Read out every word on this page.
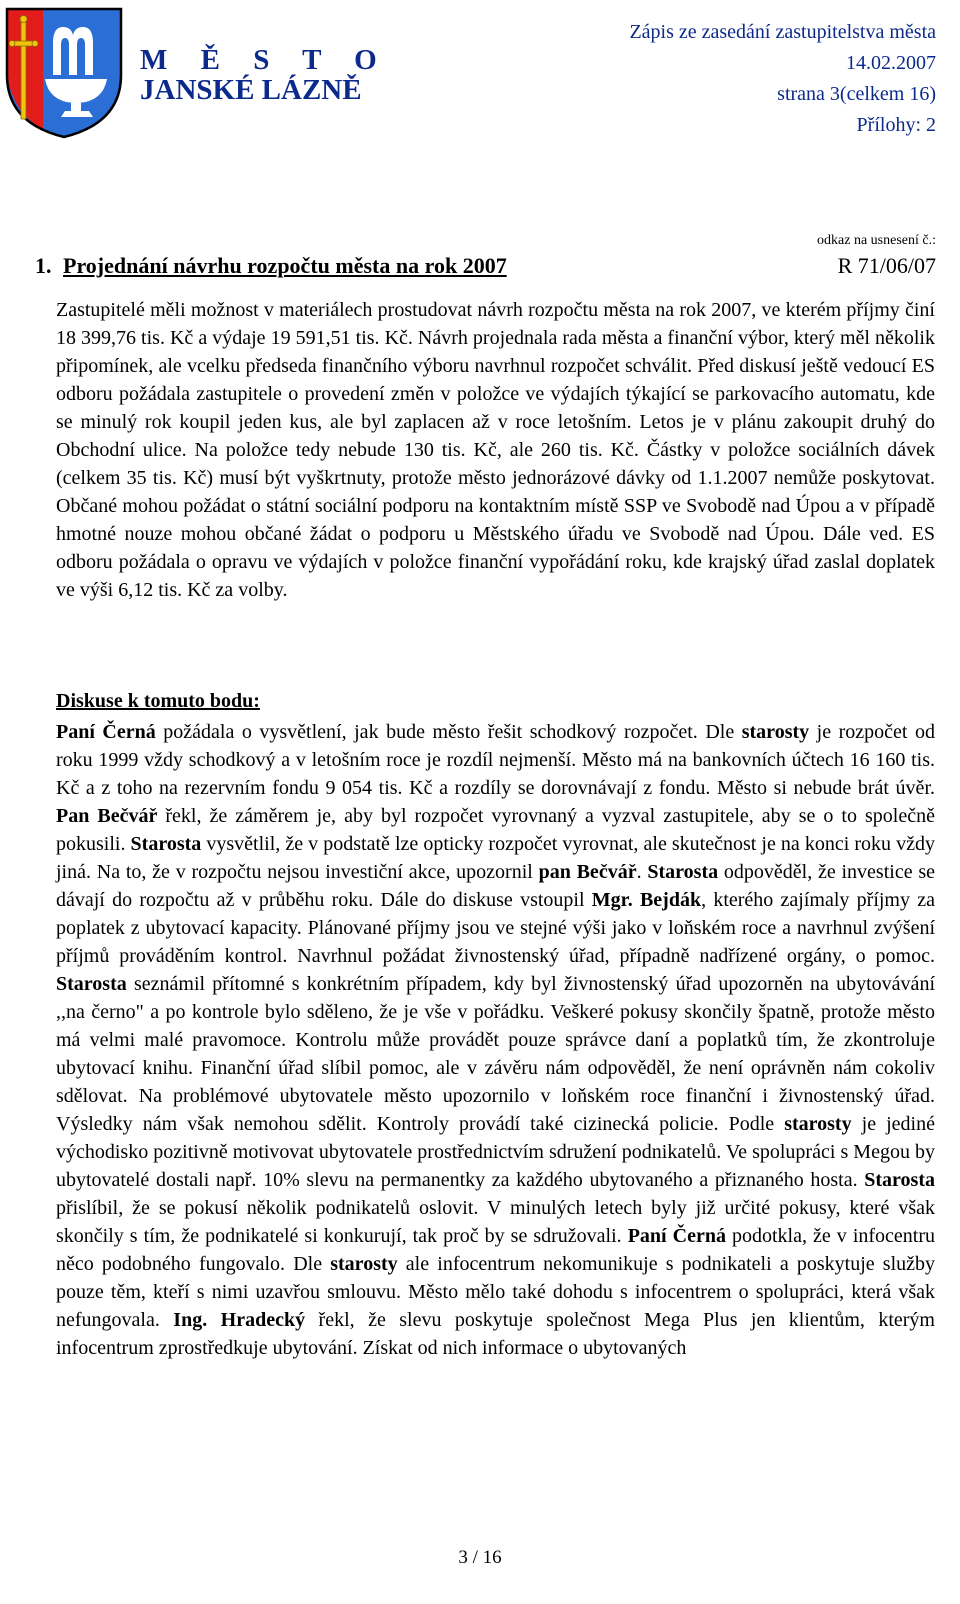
M Ě S T O
JANSKÉ LÁZNĚ
Zápis ze zasedání zastupitelstva města
14.02.2007
strana 3(celkem 16)
Přílohy: 2
odkaz na usnesení č.:
1. Projednání návrhu rozpočtu města na rok 2007	R 71/06/07
Zastupitelé měli možnost v materiálech prostudovat návrh rozpočtu města na rok 2007, ve kterém příjmy činí 18 399,76 tis. Kč a výdaje 19 591,51 tis. Kč. Návrh projednala rada města a finanční výbor, který měl několik připomínek, ale vcelku předseda finančního výboru navrhnul rozpočet schválit. Před diskusí ještě vedoucí ES odboru požádala zastupitele o provedení změn v položce ve výdajích týkající se parkovacího automatu, kde se minulý rok koupil jeden kus, ale byl zaplacen až v roce letošním. Letos je v plánu zakoupit druhý do Obchodní ulice. Na položce tedy nebude 130 tis. Kč, ale 260 tis. Kč. Částky v položce sociálních dávek (celkem 35 tis. Kč) musí být vyškrtnuty, protože město jednorázové dávky od 1.1.2007 nemůže poskytovat. Občané mohou požádat o státní sociální podporu na kontaktním místě SSP ve Svobodě nad Úpou a v případě hmotné nouze mohou občané žádat o podporu u Městského úřadu ve Svobodě nad Úpou. Dále ved. ES odboru požádala o opravu ve výdajích v položce finanční vypořádání roku, kde krajský úřad zaslal doplatek ve výši 6,12 tis. Kč za volby.
Diskuse k tomuto bodu:
Paní Černá požádala o vysvětlení, jak bude město řešit schodkový rozpočet. Dle starosty je rozpočet od roku 1999 vždy schodkový a v letošním roce je rozdíl nejmenší. Město má na bankovních účtech 16 160 tis. Kč a z toho na rezervním fondu 9 054 tis. Kč a rozdíly se dorovnávají z fondu. Město si nebude brát úvěr. Pan Bečvář řekl, že záměrem je, aby byl rozpočet vyrovnaný a vyzval zastupitele, aby se o to společně pokusili. Starosta vysvětlil, že v podstatě lze opticky rozpočet vyrovnat, ale skutečnost je na konci roku vždy jiná. Na to, že v rozpočtu nejsou investiční akce, upozornil pan Bečvář. Starosta odpověděl, že investice se dávají do rozpočtu až v průběhu roku. Dále do diskuse vstoupil Mgr. Bejdák, kterého zajímaly příjmy za poplatek z ubytovací kapacity. Plánované příjmy jsou ve stejné výši jako v loňském roce a navrhnul zvýšení příjmů prováděním kontrol. Navrhnul požádat živnostenský úřad, případně nadřízené orgány, o pomoc. Starosta seznámil přítomné s konkrétním případem, kdy byl živnostenský úřad upozorněn na ubytovávání ,,na černo" a po kontrole bylo sděleno, že je vše v pořádku. Veškeré pokusy skončily špatně, protože město má velmi malé pravomoce. Kontrolu může provádět pouze správce daní a poplatků tím, že zkontroluje ubytovací knihu. Finanční úřad slíbil pomoc, ale v závěru nám odpověděl, že není oprávněn nám cokoliv sdělovat. Na problémové ubytovatele město upozornilo v loňském roce finanční i živnostenský úřad. Výsledky nám však nemohou sdělit. Kontroly provádí také cizinecká policie. Podle starosty je jediné východisko pozitivně motivovat ubytovatele prostřednictvím sdružení podnikatelů. Ve spolupráci s Megou by ubytovatelé dostali např. 10% slevu na permanentky za každého ubytovaného a přiznaného hosta. Starosta přislíbil, že se pokusí několik podnikatelů oslovit. V minulých letech byly již určité pokusy, které však skončily s tím, že podnikatelé si konkurují, tak proč by se sdružovali. Paní Černá podotkla, že v infocentru něco podobného fungovalo. Dle starosty ale infocentrum nekomunikuje s podnikateli a poskytuje služby pouze těm, kteří s nimi uzavřou smlouvu. Město mělo také dohodu s infocentrem o spolupráci, která však nefungovala. Ing. Hradecký řekl, že slevu poskytuje společnost Mega Plus jen klientům, kterým infocentrum zprostředkuje ubytování. Získat od nich informace o ubytovaných
3 / 16
